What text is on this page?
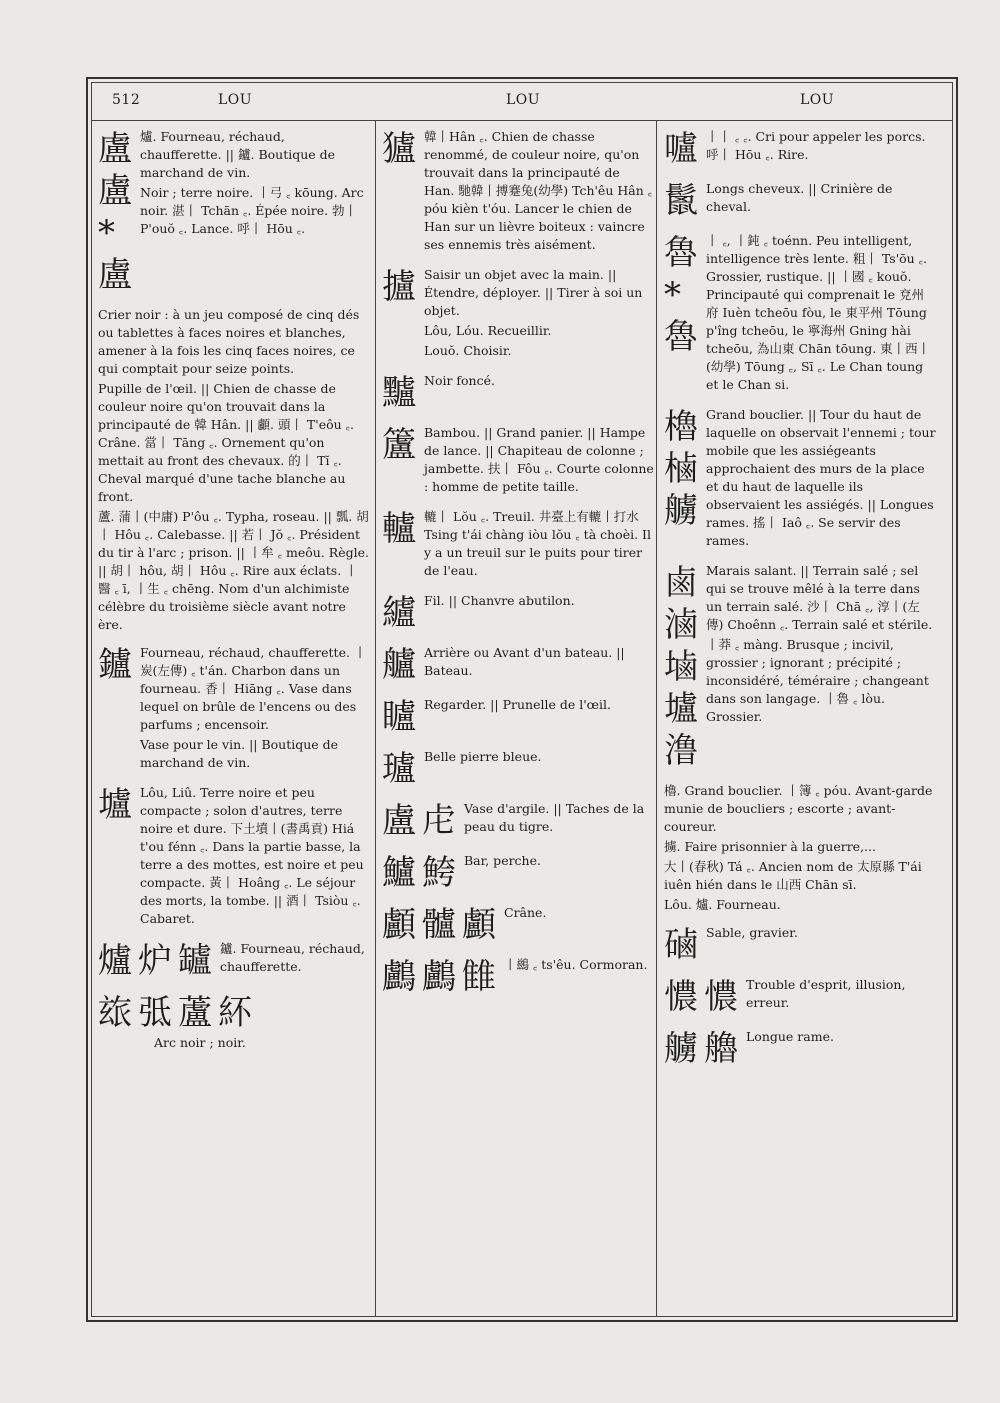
512	LOU	LOU	LOU
盧
盧
*盧

爐. Fourneau, réchaud, chaufferette. || 鑪. Boutique de marchand de vin.

Noir ; terre noire. 丨弓 ꜀ kōung. Arc noir. 湛丨 Tchān ꜀. Épée noire. 勃丨 P'ouŏ ꜀. Lance. 呼丨 Hōu ꜀.

Crier noir : à un jeu composé de cinq dés ou tablettes à faces noires et blanches, amener à la fois les cinq faces noires, ce qui comptait pour seize points.

Pupille de l'œil. || Chien de chasse de couleur noire qu'on trouvait dans la principauté de 韓 Hân. || 顱. 頭丨 T'eôu ꜀. Crâne. 當丨 Tāng ꜀. Ornement qu'on mettait au front des chevaux. 的丨 Tĭ ꜀. Cheval marqué d'une tache blanche au front.

蘆. 蒲丨(中庸) P'ôu ꜀. Typha, roseau. || 瓢. 胡丨 Hôu ꜀. Calebasse. || 若丨 Jŏ ꜀. Président du tir à l'arc ; prison. || 丨牟 ꜀ meôu. Règle. || 胡丨 hôu, 胡丨 Hôu ꜀. Rire aux éclats. 丨醫 ꜀ ī, 丨生 ꜀ chēng. Nom d'un alchimiste célèbre du troisième siècle avant notre ère.

鑪 Fourneau, réchaud, chaufferette. 丨炭(左傳) ꜀ t'án. Charbon dans un fourneau. 香丨 Hiāng ꜀. Vase dans lequel on brûle de l'encens ou des parfums ; encensoir.

Vase pour le vin. || Boutique de marchand de vin.

壚 Lôu, Liû. Terre noire et peu compacte ; solon d'autres, terre noire et dure. 下土墳丨(書禹貢) Hiá t'ou fénn ꜀. Dans la partie basse, la terre a des mottes, est noire et peu compacte. 黃丨 Hoâng ꜀. Le séjour des morts, la tombe. || 酒丨 Tsiòu ꜀. Cabaret.

爐 炉 罏 鑪. Fourneau, réchaud, chaufferette.

玈 弤 蘆 紑

Arc noir ; noir.

獹 韓丨Hân ꜀. Chien de chasse renommé, de couleur noire, qu'on trouvait dans la principauté de Han. 馳韓丨搏蹇兔(幼學) Tch'êu Hân ꜀ póu kièn t'óu. Lancer le chien de Han sur un lièvre boiteux : vaincre ses ennemis très aisément.

攎 Saisir un objet avec la main. || Étendre, déployer. || Tirer à soi un objet.

Lôu, Lóu. Recueillir.

Louŏ. Choisir.

黸 Noir foncé.

籚 Bambou. || Grand panier. || Hampe de lance. || Chapiteau de colonne ; jambette. 扶丨 Fôu ꜀. Courte colonne : homme de petite taille.

轤 轆丨 Lŏu ꜀. Treuil. 井臺上有轆丨打水 Tsing t'ái chàng iòu lŏu ꜀ tà choèi. Il y a un treuil sur le puits pour tirer de l'eau.

纑 Fil. || Chanvre abutilon.

艫 Arrière ou Avant d'un bateau. || Bateau.

矑 Regarder. || Prunelle de l'œil.

瓐 Belle pierre bleue.

盧 虍 Vase d'argile. || Taches de la peau du tigre.

鱸 鮬 Bar, perche.

顱 髗 顱 Crâne.

鸕 鸕 雔 丨鷀 ꜀ ts'êu. Cormoran.

嚧 丨丨 ꜀ ꜀. Cri pour appeler les porcs. 呼丨 Hōu ꜀. Rire.

鬛 Longs cheveux. || Crinière de cheval.

魯
*魯

丨 ꜀, 丨鈍 ꜀ toénn. Peu intelligent, intelligence très lente. 粗丨 Ts'ōu ꜀. Grossier, rustique. || 丨國 ꜀ kouŏ. Principauté qui comprenait le 兗州府 Iuèn tcheōu fòu, le 東平州 Tōung p'îng tcheōu, le 寧海州 Gning hài tcheōu, 為山東 Chān tōung. 東丨西丨(幼學) Tōung ꜀, Sī ꜀. Le Chan toung et le Chan si.

櫓
樐
艣

Grand bouclier. || Tour du haut de laquelle on observait l'ennemi ; tour mobile que les assiégeants approchaient des murs de la place et du haut de laquelle ils observaient les assiégés. || Longues rames. 搖丨 Iaô ꜀. Se servir des rames.

鹵
滷
塷
壚
澛

Marais salant. || Terrain salé ; sel qui se trouve mêlé à la terre dans un terrain salé. 沙丨 Chā ꜀, 淳丨(左傳) Choênn ꜀. Terrain salé et stérile.

丨莽 ꜀ màng. Brusque ; incivil, grossier ; ignorant ; précipité ; inconsidéré, téméraire ; changeant dans son langage. 丨魯 ꜀ lòu. Grossier.

櫓. Grand bouclier. 丨簿 ꜀ póu. Avant-garde munie de boucliers ; escorte ; avant-coureur.

擄. Faire prisonnier à la guerre,...

大丨(春秋) Tá ꜀. Ancien nom de 太原縣 T'ái iuên hién dans le 山西 Chān sī.

Lôu. 爐. Fourneau.

磠 Sable, gravier.

憹 憹 Trouble d'esprit, illusion, erreur.

艣 艪 Longue rame.
